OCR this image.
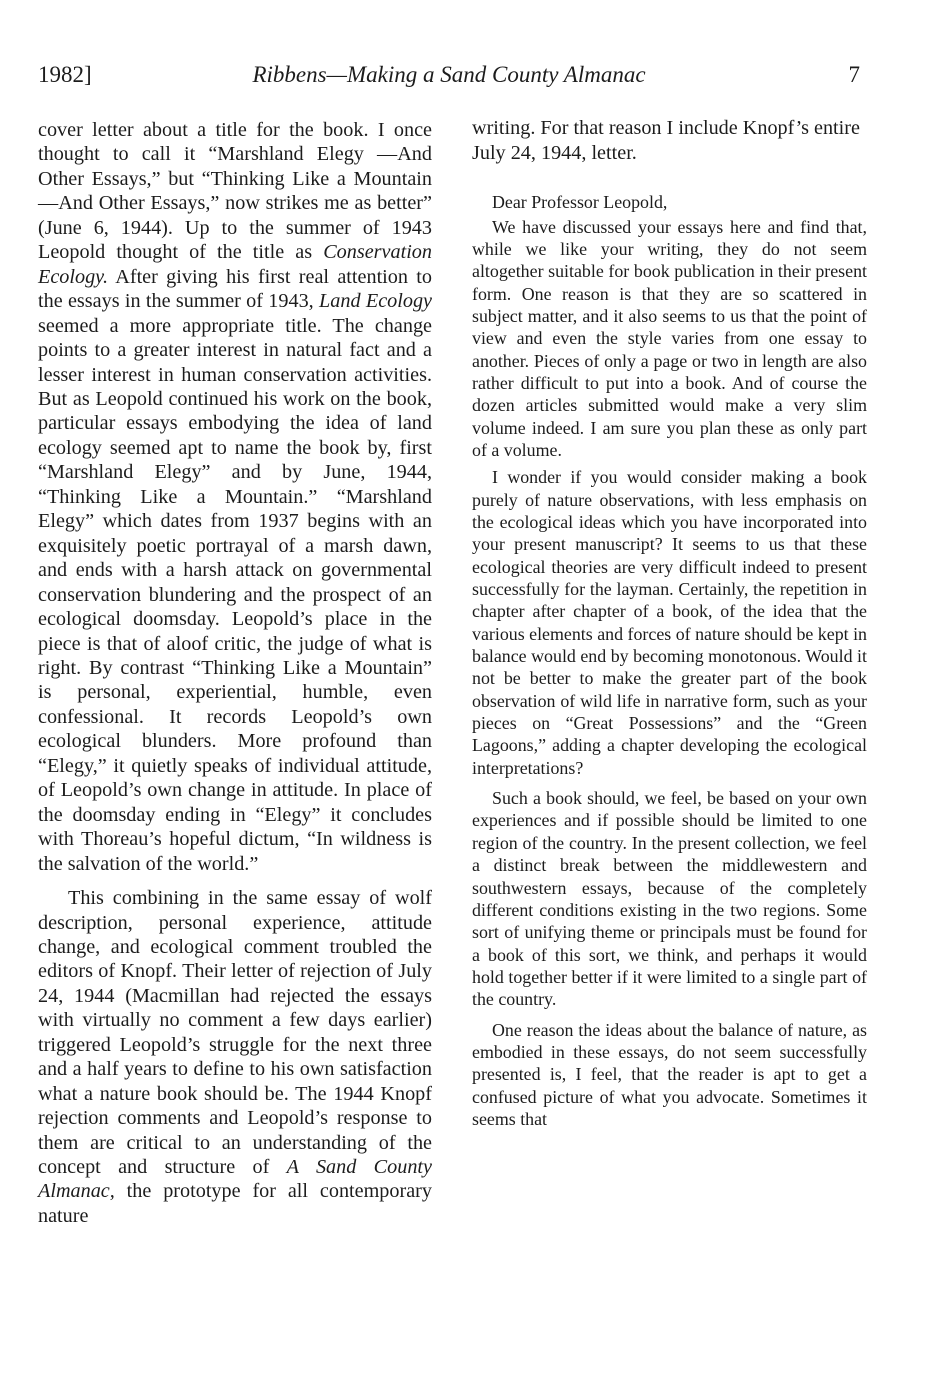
1982]	Ribbens—Making a Sand County Almanac	7

cover letter about a title for the book. I once thought to call it “Marshland Elegy —And Other Essays,” but “Thinking Like a Mountain—And Other Essays,” now strikes me as better” (June 6, 1944). Up to the summer of 1943 Leopold thought of the title as Conservation Ecology. After giving his first real attention to the essays in the summer of 1943, Land Ecology seemed a more appropriate title. The change points to a greater interest in natural fact and a lesser interest in human conservation activities. But as Leopold continued his work on the book, particular essays embodying the idea of land ecology seemed apt to name the book by, first “Marshland Elegy” and by June, 1944, “Thinking Like a Mountain.” “Marshland Elegy” which dates from 1937 begins with an exquisitely poetic portrayal of a marsh dawn, and ends with a harsh attack on governmental conservation blundering and the prospect of an ecological doomsday. Leopold’s place in the piece is that of aloof critic, the judge of what is right. By contrast “Thinking Like a Mountain” is personal, experiential, humble, even confessional. It records Leopold’s own ecological blunders. More profound than “Elegy,” it quietly speaks of individual attitude, of Leopold’s own change in attitude. In place of the doomsday ending in “Elegy” it concludes with Thoreau’s hopeful dictum, “In wildness is the salvation of the world.”

This combining in the same essay of wolf description, personal experience, attitude change, and ecological comment troubled the editors of Knopf. Their letter of rejection of July 24, 1944 (Macmillan had rejected the essays with virtually no comment a few days earlier) triggered Leopold’s struggle for the next three and a half years to define to his own satisfaction what a nature book should be. The 1944 Knopf rejection comments and Leopold’s response to them are critical to an understanding of the concept and structure of A Sand County Almanac, the prototype for all contemporary nature

writing. For that reason I include Knopf’s entire July 24, 1944, letter.

Dear Professor Leopold,

We have discussed your essays here and find that, while we like your writing, they do not seem altogether suitable for book publication in their present form. One reason is that they are so scattered in subject matter, and it also seems to us that the point of view and even the style varies from one essay to another. Pieces of only a page or two in length are also rather difficult to put into a book. And of course the dozen articles submitted would make a very slim volume indeed. I am sure you plan these as only part of a volume.

I wonder if you would consider making a book purely of nature observations, with less emphasis on the ecological ideas which you have incorporated into your present manuscript? It seems to us that these ecological theories are very difficult indeed to present successfully for the layman. Certainly, the repetition in chapter after chapter of a book, of the idea that the various elements and forces of nature should be kept in balance would end by becoming monotonous. Would it not be better to make the greater part of the book observation of wild life in narrative form, such as your pieces on “Great Possessions” and the “Green Lagoons,” adding a chapter developing the ecological interpretations?

Such a book should, we feel, be based on your own experiences and if possible should be limited to one region of the country. In the present collection, we feel a distinct break between the middlewestern and southwestern essays, because of the completely different conditions existing in the two regions. Some sort of unifying theme or principals must be found for a book of this sort, we think, and perhaps it would hold together better if it were limited to a single part of the country.

One reason the ideas about the balance of nature, as embodied in these essays, do not seem successfully presented is, I feel, that the reader is apt to get a confused picture of what you advocate. Sometimes it seems that
